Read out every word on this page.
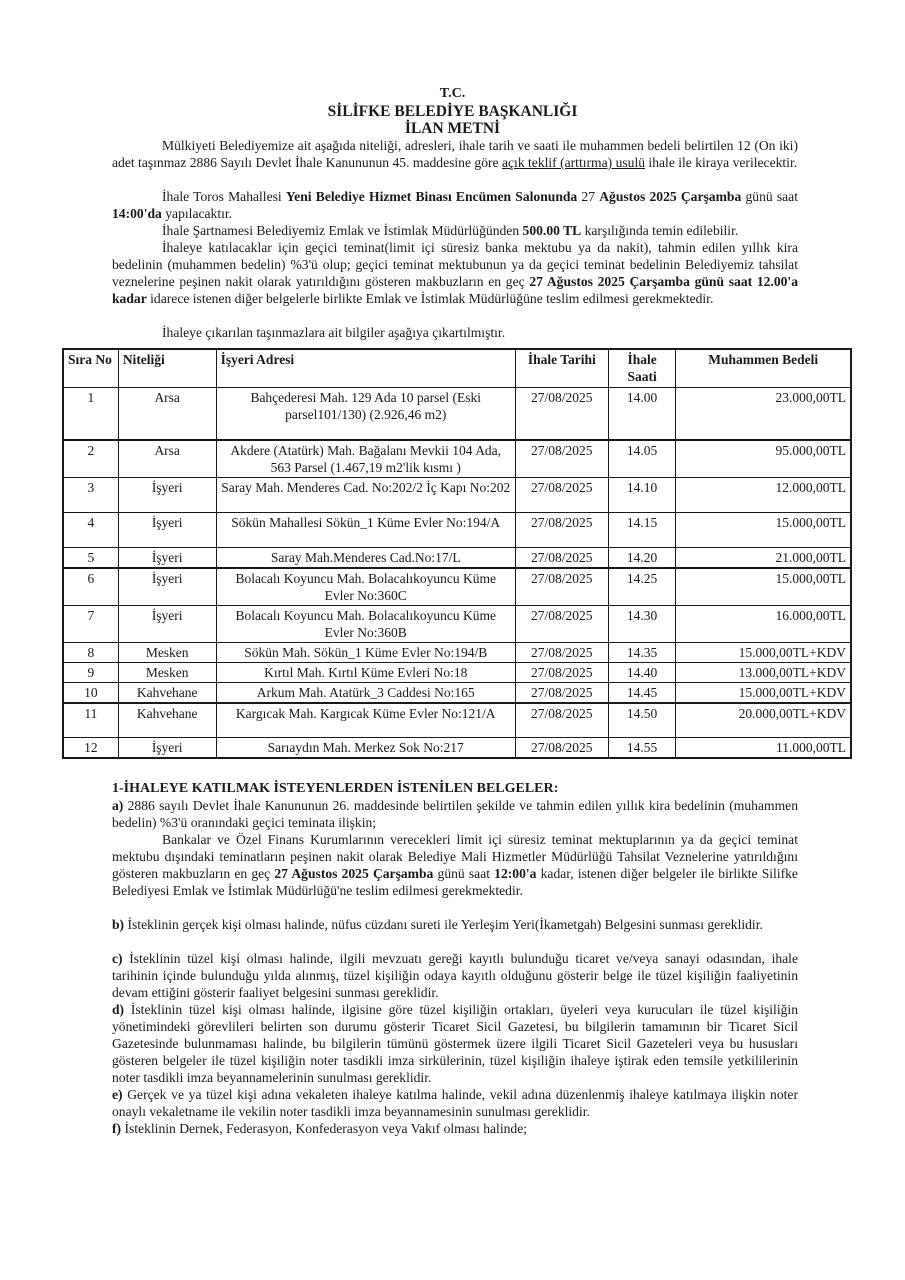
T.C.
SİLİFKE BELEDİYE BAŞKANLIĞI
İLAN METNİ
Mülkiyeti Belediyemize ait aşağıda niteliği, adresleri, ihale tarih ve saati ile muhammen bedeli belirtilen 12 (On iki) adet taşınmaz 2886 Sayılı Devlet İhale Kanununun 45. maddesine göre açık teklif (arttırma) usulü ihale ile kiraya verilecektir.
İhale Toros Mahallesi Yeni Belediye Hizmet Binası Encümen Salonunda 27 Ağustos 2025 Çarşamba günü saat 14:00'da yapılacaktır.
İhale Şartnamesi Belediyemiz Emlak ve İstimlak Müdürlüğünden 500.00 TL karşılığında temin edilebilir.
İhaleye katılacaklar için geçici teminat(limit içi süresiz banka mektubu ya da nakit), tahmin edilen yıllık kira bedelinin (muhammen bedelin) %3'ü olup; geçici teminat mektubunun ya da geçici teminat bedelinin Belediyemiz tahsilat veznelerine peşinen nakit olarak yatırıldığını gösteren makbuzların en geç 27 Ağustos 2025 Çarşamba günü saat 12.00'a kadar idarece istenen diğer belgelerle birlikte Emlak ve İstimlak Müdürlüğüne teslim edilmesi gerekmektedir.
İhaleye çıkarılan taşınmazlara ait bilgiler aşağıya çıkartılmıştır.
Sıra No	Niteliği	İşyeri Adresi	İhale Tarihi	İhale Saati	Muhammen Bedeli
1	Arsa	Bahçederesi Mah. 129 Ada 10 parsel (Eski parsel101/130) (2.926,46 m2)	27/08/2025	14.00	23.000,00TL
2	Arsa	Akdere (Atatürk) Mah. Bağalanı Mevkii 104 Ada, 563 Parsel (1.467,19 m2'lik kısmı )	27/08/2025	14.05	95.000,00TL
3	İşyeri	Saray Mah. Menderes Cad. No:202/2 İç Kapı No:202	27/08/2025	14.10	12.000,00TL
4	İşyeri	Sökün Mahallesi Sökün_1 Küme Evler No:194/A	27/08/2025	14.15	15.000,00TL
5	İşyeri	Saray Mah.Menderes Cad.No:17/L	27/08/2025	14.20	21.000,00TL
6	İşyeri	Bolacalı Koyuncu Mah. Bolacalıkoyuncu Küme Evler No:360C	27/08/2025	14.25	15.000,00TL
7	İşyeri	Bolacalı Koyuncu Mah. Bolacalıkoyuncu Küme Evler No:360B	27/08/2025	14.30	16.000,00TL
8	Mesken	Sökün Mah. Sökün_1 Küme Evler No:194/B	27/08/2025	14.35	15.000,00TL+KDV
9	Mesken	Kırtıl Mah. Kırtıl Küme Evleri No:18	27/08/2025	14.40	13.000,00TL+KDV
10	Kahvehane	Arkum Mah. Atatürk_3 Caddesi No:165	27/08/2025	14.45	15.000,00TL+KDV
11	Kahvehane	Kargıcak Mah. Kargıcak Küme Evler No:121/A	27/08/2025	14.50	20.000,00TL+KDV
12	İşyeri	Sarıaydın Mah. Merkez Sok No:217	27/08/2025	14.55	11.000,00TL
1-İHALEYE KATILMAK İSTEYENLERDEN İSTENİLEN BELGELER:
a) 2886 sayılı Devlet İhale Kanununun 26. maddesinde belirtilen şekilde ve tahmin edilen yıllık kira bedelinin (muhammen bedelin) %3'ü oranındaki geçici teminata ilişkin;
Bankalar ve Özel Finans Kurumlarının verecekleri limit içi süresiz teminat mektuplarının ya da geçici teminat mektubu dışındaki teminatların peşinen nakit olarak Belediye Mali Hizmetler Müdürlüğü Tahsilat Veznelerine yatırıldığını gösteren makbuzların en geç 27 Ağustos 2025 Çarşamba günü saat 12:00'a kadar, istenen diğer belgeler ile birlikte Silifke Belediyesi Emlak ve İstimlak Müdürlüğü'ne teslim edilmesi gerekmektedir.
b) İsteklinin gerçek kişi olması halinde, nüfus cüzdanı sureti ile Yerleşim Yeri(İkametgah) Belgesini sunması gereklidir.
c) İsteklinin tüzel kişi olması halinde, ilgili mevzuatı gereği kayıtlı bulunduğu ticaret ve/veya sanayi odasından, ihale tarihinin içinde bulunduğu yılda alınmış, tüzel kişiliğin odaya kayıtlı olduğunu gösterir belge ile tüzel kişiliğin faaliyetinin devam ettiğini gösterir faaliyet belgesini sunması gereklidir.
d) İsteklinin tüzel kişi olması halinde, ilgisine göre tüzel kişiliğin ortakları, üyeleri veya kurucuları ile tüzel kişiliğin yönetimindeki görevlileri belirten son durumu gösterir Ticaret Sicil Gazetesi, bu bilgilerin tamamının bir Ticaret Sicil Gazetesinde bulunmaması halinde, bu bilgilerin tümünü göstermek üzere ilgili Ticaret Sicil Gazeteleri veya bu hususları gösteren belgeler ile tüzel kişiliğin noter tasdikli imza sirkülerinin, tüzel kişiliğin ihaleye iştirak eden temsile yetkililerinin noter tasdikli imza beyannamelerinin sunulması gereklidir.
e) Gerçek ve ya tüzel kişi adına vekaleten ihaleye katılma halinde, vekil adına düzenlenmiş ihaleye katılmaya ilişkin noter onaylı vekaletname ile vekilin noter tasdikli imza beyannamesinin sunulması gereklidir.
f) İsteklinin Dernek, Federasyon, Konfederasyon veya Vakıf olması halinde;
